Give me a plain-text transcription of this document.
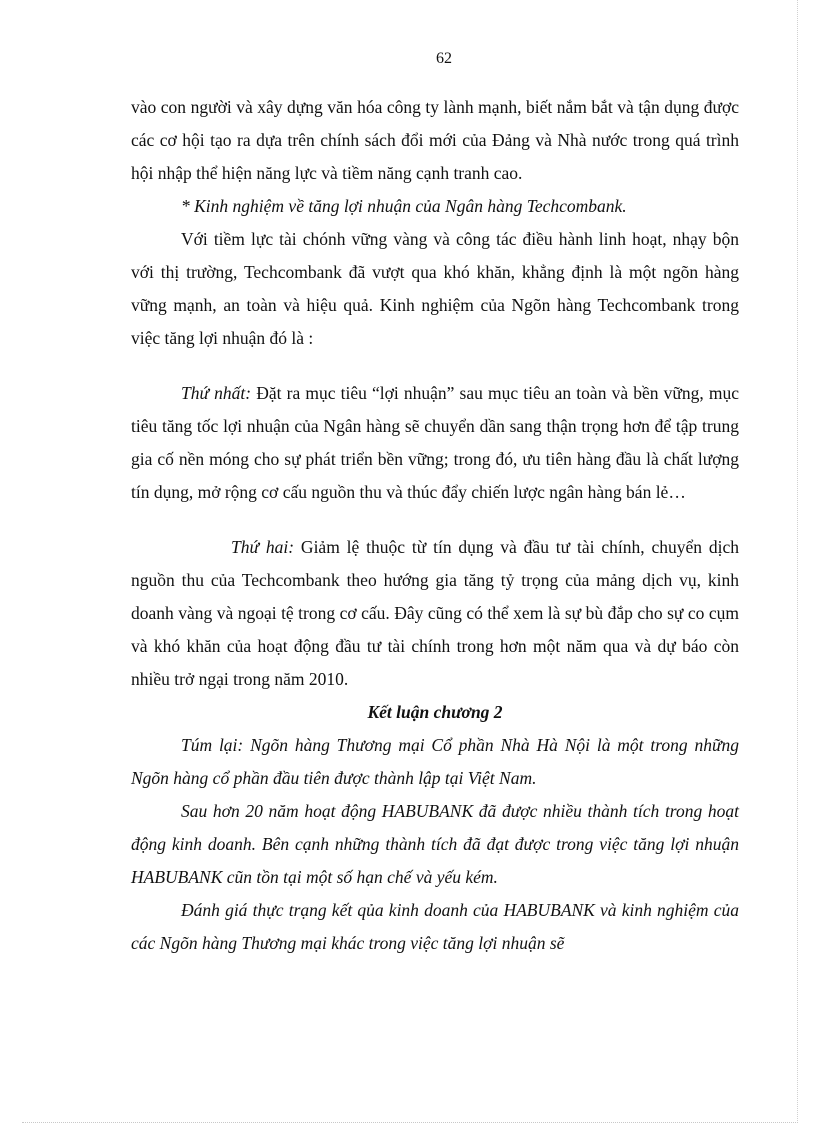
62

vào con người và xây dựng văn hóa công ty lành mạnh, biết nắm bắt và tận dụng được các cơ hội tạo ra dựa trên chính sách đổi mới của Đảng và Nhà nước trong quá trình hội nhập thể hiện năng lực và tiềm năng cạnh tranh cao.

* Kinh nghiệm về tăng lợi nhuận của Ngân hàng Techcombank.

Với tiềm lực tài chónh vững vàng và công tác điều hành linh hoạt, nhạy bộn với thị trường, Techcombank đã vượt qua khó khăn, khẳng định là một ngõn hàng vững mạnh, an toàn và hiệu quả. Kinh nghiệm của Ngõn hàng Techcombank trong việc tăng lợi nhuận đó là :

Thứ nhất: Đặt ra mục tiêu “lợi nhuận” sau mục tiêu an toàn và bền vững, mục tiêu tăng tốc lợi nhuận của Ngân hàng sẽ chuyển dần sang thận trọng hơn để tập trung gia cố nền móng cho sự phát triển bền vững; trong đó, ưu tiên hàng đầu là chất lượng tín dụng, mở rộng cơ cấu nguồn thu và thúc đẩy chiến lược ngân hàng bán lẻ…

Thứ hai: Giảm lệ thuộc từ tín dụng và đầu tư tài chính, chuyển dịch nguồn thu của Techcombank theo hướng gia tăng tỷ trọng của mảng dịch vụ, kinh doanh vàng và ngoại tệ trong cơ cấu. Đây cũng có thể xem là sự bù đắp cho sự co cụm và khó khăn của hoạt động đầu tư tài chính trong hơn một năm qua và dự báo còn nhiều trở ngại trong năm 2010.

Kết luận chương 2

Túm lại: Ngõn hàng Thương mại Cổ phần Nhà Hà Nội là một trong những Ngõn hàng cổ phần đầu tiên được thành lập tại Việt Nam.

Sau hơn 20 năm hoạt động HABUBANK đã được nhiều thành tích trong hoạt động kinh doanh. Bên cạnh những thành tích đã đạt được trong việc tăng lợi nhuận HABUBANK cũn tồn tại một số hạn chế và yếu kém.

Đánh giá thực trạng kết qủa kinh doanh của HABUBANK và kinh nghiệm của các Ngõn hàng Thương mại khác trong việc tăng lợi nhuận sẽ
